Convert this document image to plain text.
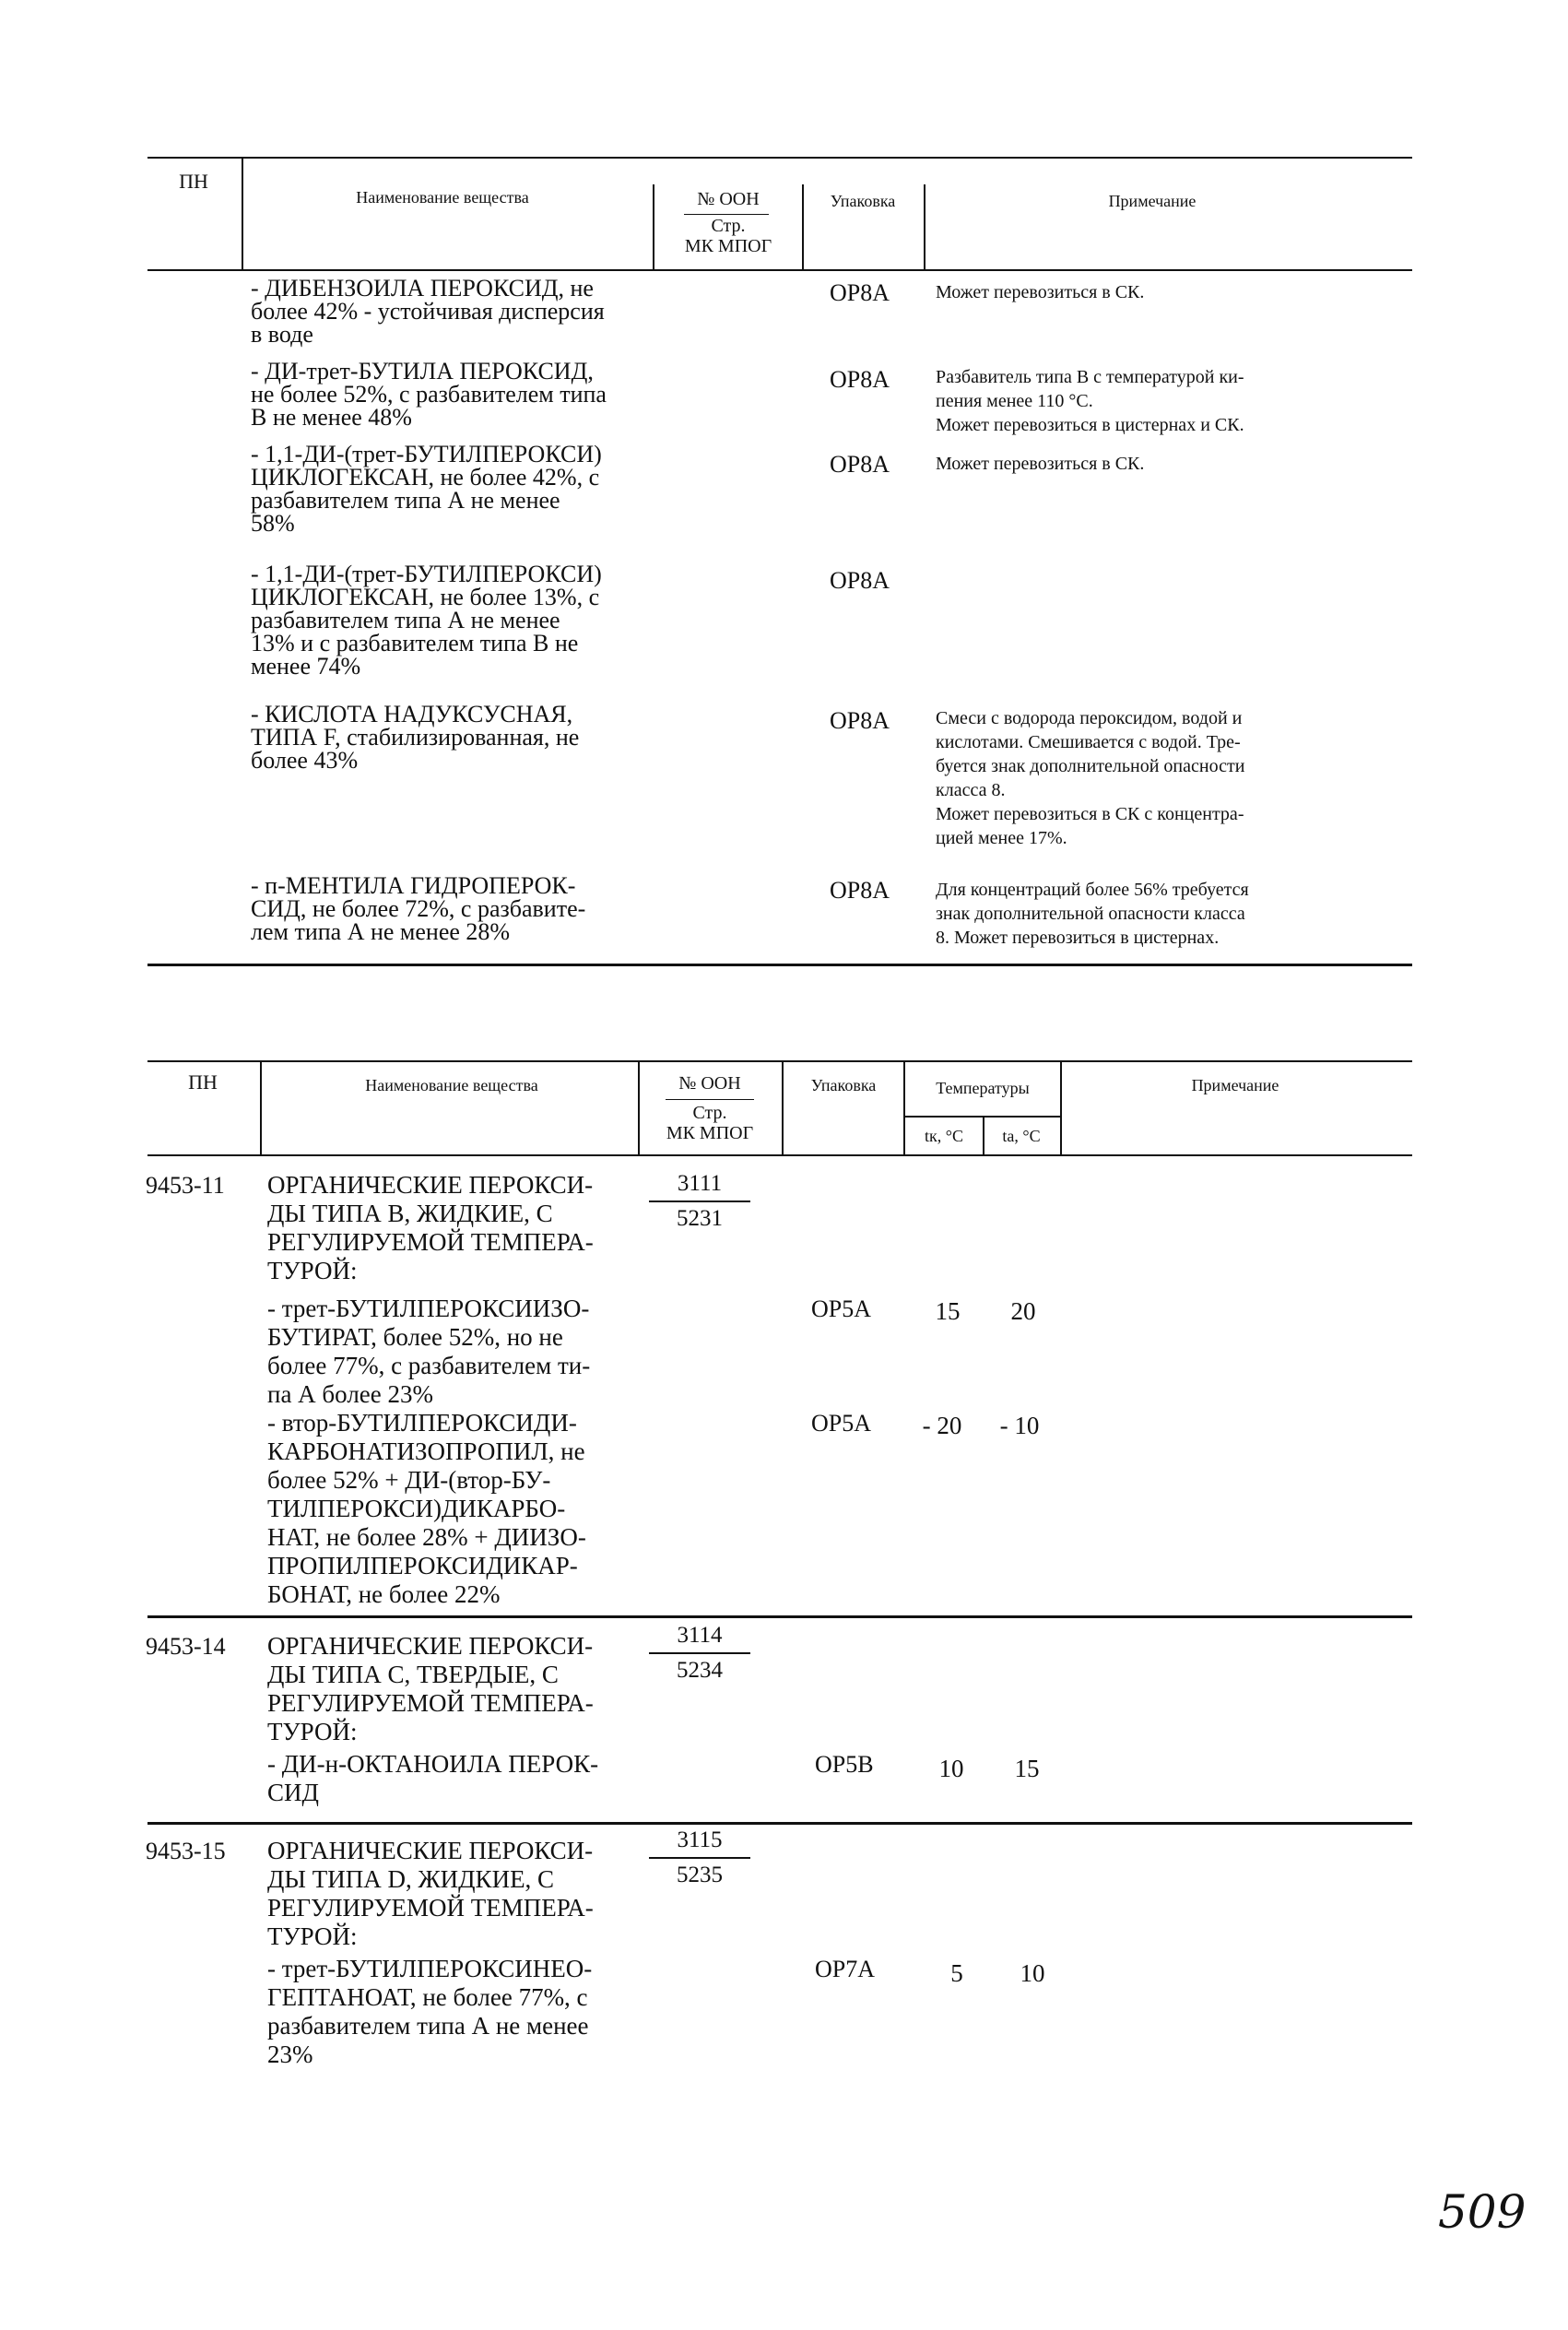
ПН
Наименование вещества	№ ООН
Стр.
МК МПОГ
Упаковка	Примечание
- ДИБЕНЗОИЛА ПЕРОКСИД, не
более 42% - устойчивая дисперсия
в воде
OP8A Может перевозиться в СК.
- ДИ-трет-БУТИЛА ПЕРОКСИД,
не более 52%, с разбавителем типа
B не менее 48%
OP8A Разбавитель типа В с температурой ки-
пения менее 110 °С.
Может перевозиться в цистернах и СК.
- 1,1-ДИ-(трет-БУТИЛПЕРОКСИ)
ЦИКЛОГЕКСАН, не более 42%, с
разбавителем типа А не менее
58%
OP8A Может перевозиться в СК.
- 1,1-ДИ-(трет-БУТИЛПЕРОКСИ)
ЦИКЛОГЕКСАН, не более 13%, с
разбавителем типа А не менее
13% и с разбавителем типа В не
менее 74%
OP8A
- КИСЛОТА НАДУКСУСНАЯ,
ТИПА F, стабилизированная, не
более 43%
OP8A Смеси с водорода пероксидом, водой и
кислотами. Смешивается с водой. Тре-
буется знак дополнительной опасности
класса 8.
Может перевозиться в СК с концентра-
цией менее 17%.
- п-МЕНТИЛА ГИДРОПЕРОК-
СИД, не более 72%, с разбавите-
лем типа А не менее 28%
OP8A Для концентраций более 56% требуется
знак дополнительной опасности класса
8. Может перевозиться в цистернах.
ПН	Наименование вещества	№ ООН
Стр.
МК МПОГ
Упаковка	Температуры
tк, °С	tа, °С
Примечание
9453-11 ОРГАНИЧЕСКИЕ ПЕРОКСИ-
ДЫ ТИПА В, ЖИДКИЕ, С
РЕГУЛИРУЕМОЙ ТЕМПЕРА-
ТУРОЙ:
3111
5231
- трет-БУТИЛПЕРОКСИИЗО-
БУТИРАТ, более 52%, но не
более 77%, с разбавителем ти-
па А более 23%
OP5A	15	20
- втор-БУТИЛПЕРОКСИДИ-
КАРБОНАТИЗОПРОПИЛ, не
более 52% + ДИ-(втор-БУ-
ТИЛПЕРОКСИ)ДИКАРБО-
НАТ, не более 28% + ДИИЗО-
ПРОПИЛПЕРОКСИДИКАР-
БОНАТ, не более 22%
OP5A	- 20	- 10
9453-14 ОРГАНИЧЕСКИЕ ПЕРОКСИ-
ДЫ ТИПА С, ТВЕРДЫЕ, С
РЕГУЛИРУЕМОЙ ТЕМПЕРА-
ТУРОЙ:
3114
5234
- ДИ-н-ОКТАНОИЛА ПЕРОК-
СИД
OP5B	10	15
9453-15 ОРГАНИЧЕСКИЕ ПЕРОКСИ-
ДЫ ТИПА D, ЖИДКИЕ, С
РЕГУЛИРУЕМОЙ ТЕМПЕРА-
ТУРОЙ:
3115
5235
- трет-БУТИЛПЕРОКСИНЕО-
ГЕПТАНОАТ, не более 77%, с
разбавителем типа А не менее
23%
OP7A	5	10
509
